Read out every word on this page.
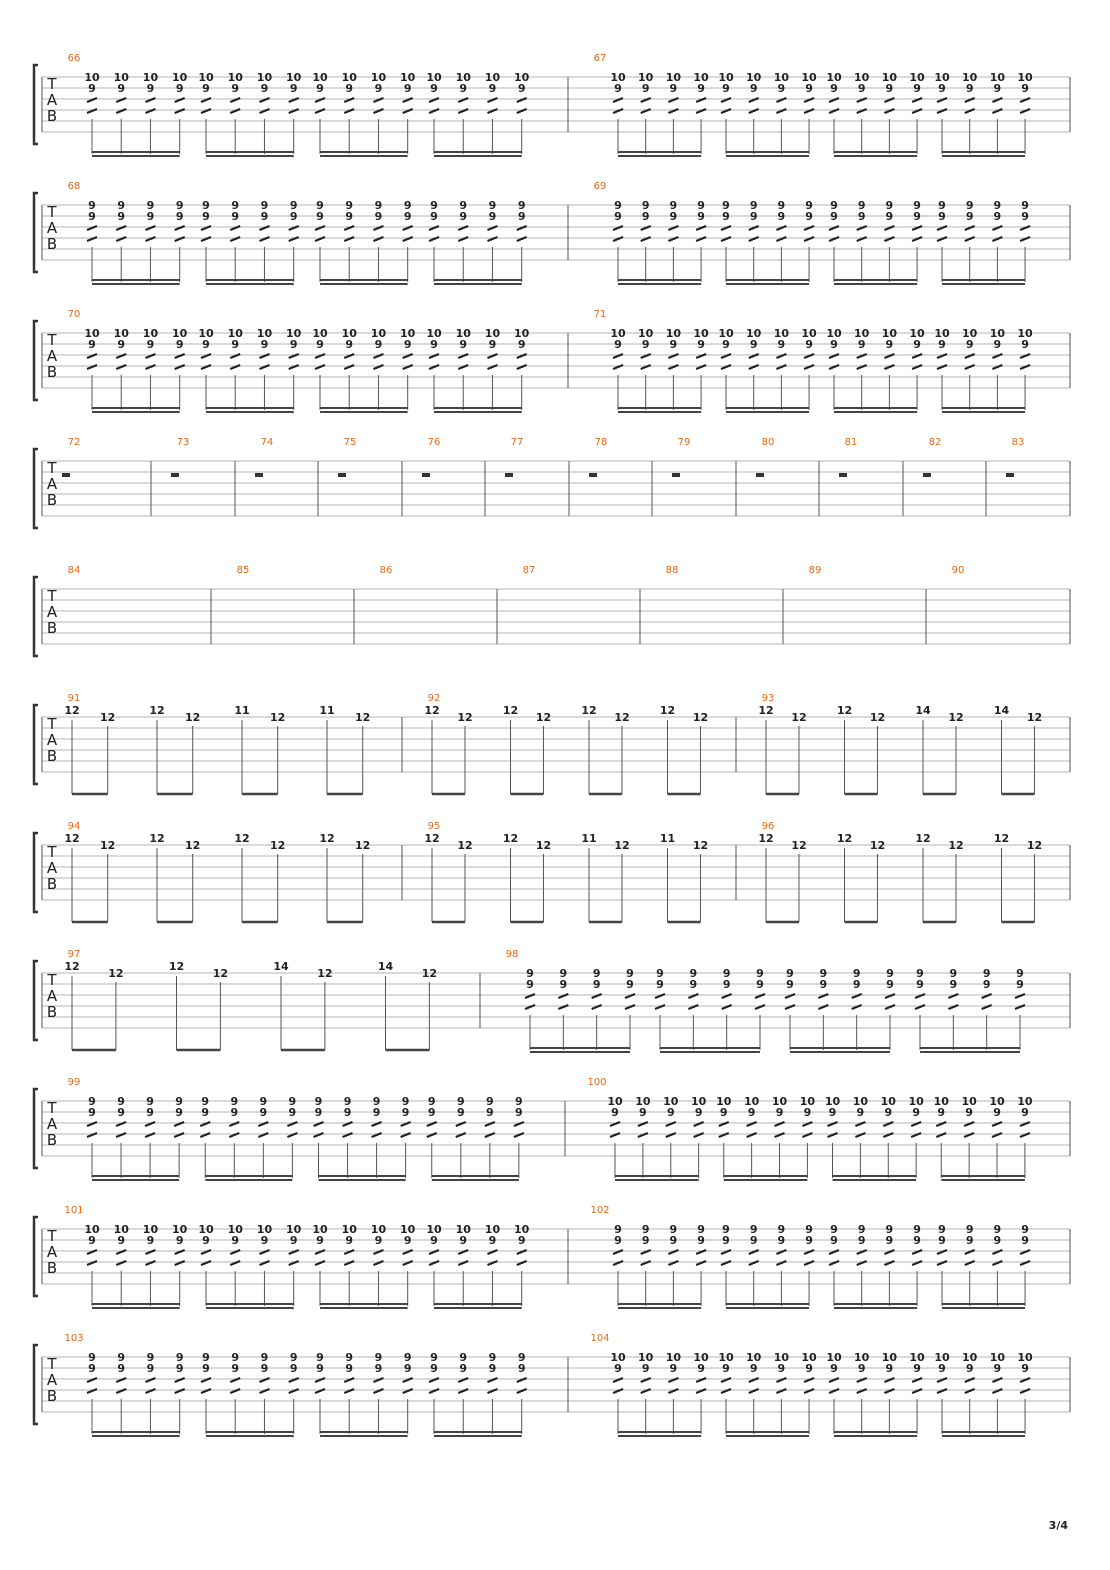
T
A
B
66
10
9
10
9
10
9
10
9
10
9
10
9
10
9
10
9
10
9
10
9
10
9
10
9
10
9
10
9
10
9
10
9
67
10
9
10
9
10
9
10
9
10
9
10
9
10
9
10
9
10
9
10
9
10
9
10
9
10
9
10
9
10
9
10
9
T
A
B
68
9
9
9
9
9
9
9
9
9
9
9
9
9
9
9
9
9
9
9
9
9
9
9
9
9
9
9
9
9
9
9
9
69
9
9
9
9
9
9
9
9
9
9
9
9
9
9
9
9
9
9
9
9
9
9
9
9
9
9
9
9
9
9
9
9
T
A
B
70
10
9
10
9
10
9
10
9
10
9
10
9
10
9
10
9
10
9
10
9
10
9
10
9
10
9
10
9
10
9
10
9
71
10
9
10
9
10
9
10
9
10
9
10
9
10
9
10
9
10
9
10
9
10
9
10
9
10
9
10
9
10
9
10
9
T
A
B
72	73	74	75	76	77	78	79	80	81	82	83
T
A
B
84	85	86	87	88	89	90
T
A
B
91
12
12
12
12
11
12
11
12
92
12
12
12
12
12
12
12
12
93
12
12
12
12
14
12
14
12
T
A
B
94
12
12
12
12
12
12
12
12
95
12
12
12
12
11
12
11
12
96
12
12
12
12
12
12
12
12
T
A
B
97
12
12
12
12
14
12
14
12
98
9
9
9
9
9
9
9
9
9
9
9
9
9
9
9
9
9
9
9
9
9
9
9
9
9
9
9
9
9
9
9
9
T
A
B
99
9
9
9
9
9
9
9
9
9
9
9
9
9
9
9
9
9
9
9
9
9
9
9
9
9
9
9
9
9
9
9
9
100
10
9
10
9
10
9
10
9
10
9
10
9
10
9
10
9
10
9
10
9
10
9
10
9
10
9
10
9
10
9
10
9
T
A
B
101
10
9
10
9
10
9
10
9
10
9
10
9
10
9
10
9
10
9
10
9
10
9
10
9
10
9
10
9
10
9
10
9
102
9
9
9
9
9
9
9
9
9
9
9
9
9
9
9
9
9
9
9
9
9
9
9
9
9
9
9
9
9
9
9
9
T
A
B
103
9
9
9
9
9
9
9
9
9
9
9
9
9
9
9
9
9
9
9
9
9
9
9
9
9
9
9
9
9
9
9
9
104
10
9
10
9
10
9
10
9
10
9
10
9
10
9
10
9
10
9
10
9
10
9
10
9
10
9
10
9
10
9
10
9
3/4
